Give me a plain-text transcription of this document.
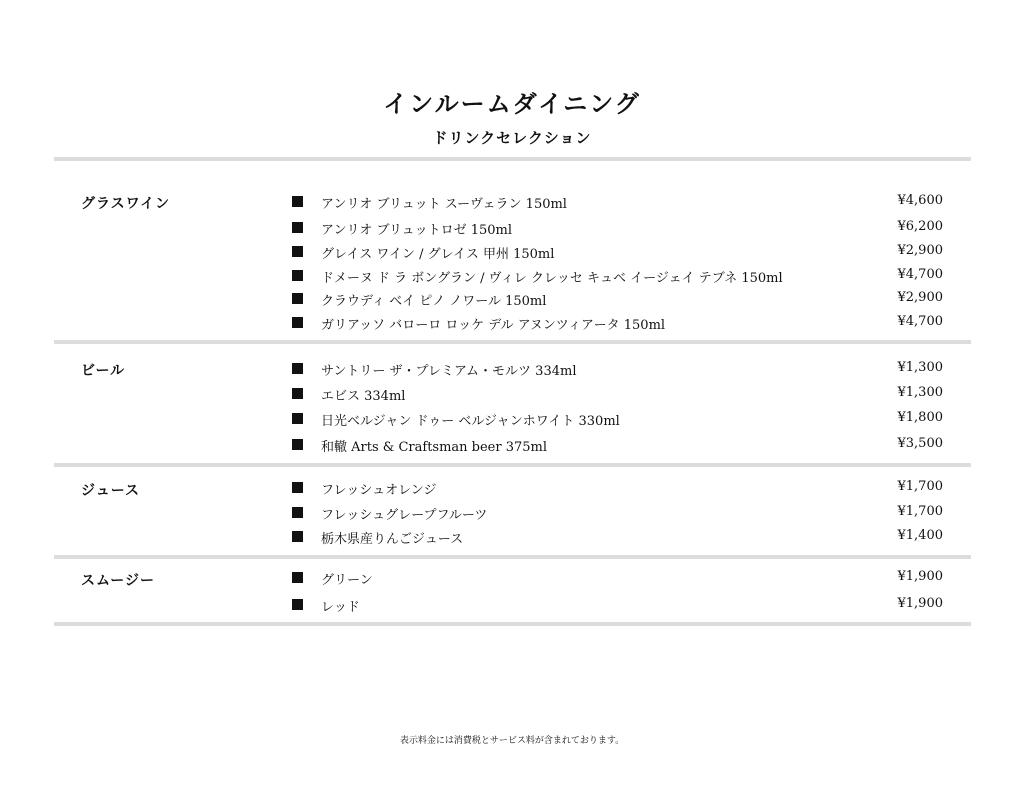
インルームダイニング
ドリンクセレクション
グラスワイン	アンリオ ブリュット スーヴェラン 150ml	¥4,600
アンリオ ブリュットロゼ 150ml	¥6,200
グレイス ワイン / グレイス 甲州 150ml	¥2,900
ドメーヌ ド ラ ボングラン / ヴィレ クレッセ キュベ イージェイ テブネ 150ml	¥4,700
クラウディ ベイ ピノ ノワール 150ml	¥2,900
ガリアッソ バローロ ロッケ デル アヌンツィアータ 150ml	¥4,700
ビール	サントリー ザ・プレミアム・モルツ 334ml	¥1,300
エビス 334ml	¥1,300
日光ベルジャン ドゥー ベルジャンホワイト 330ml	¥1,800
和轍 Arts & Craftsman beer 375ml	¥3,500
ジュース	フレッシュオレンジ	¥1,700
フレッシュグレープフルーツ	¥1,700
栃木県産りんごジュース	¥1,400
スムージー	グリーン	¥1,900
レッド	¥1,900
表示料金には消費税とサービス料が含まれております。
